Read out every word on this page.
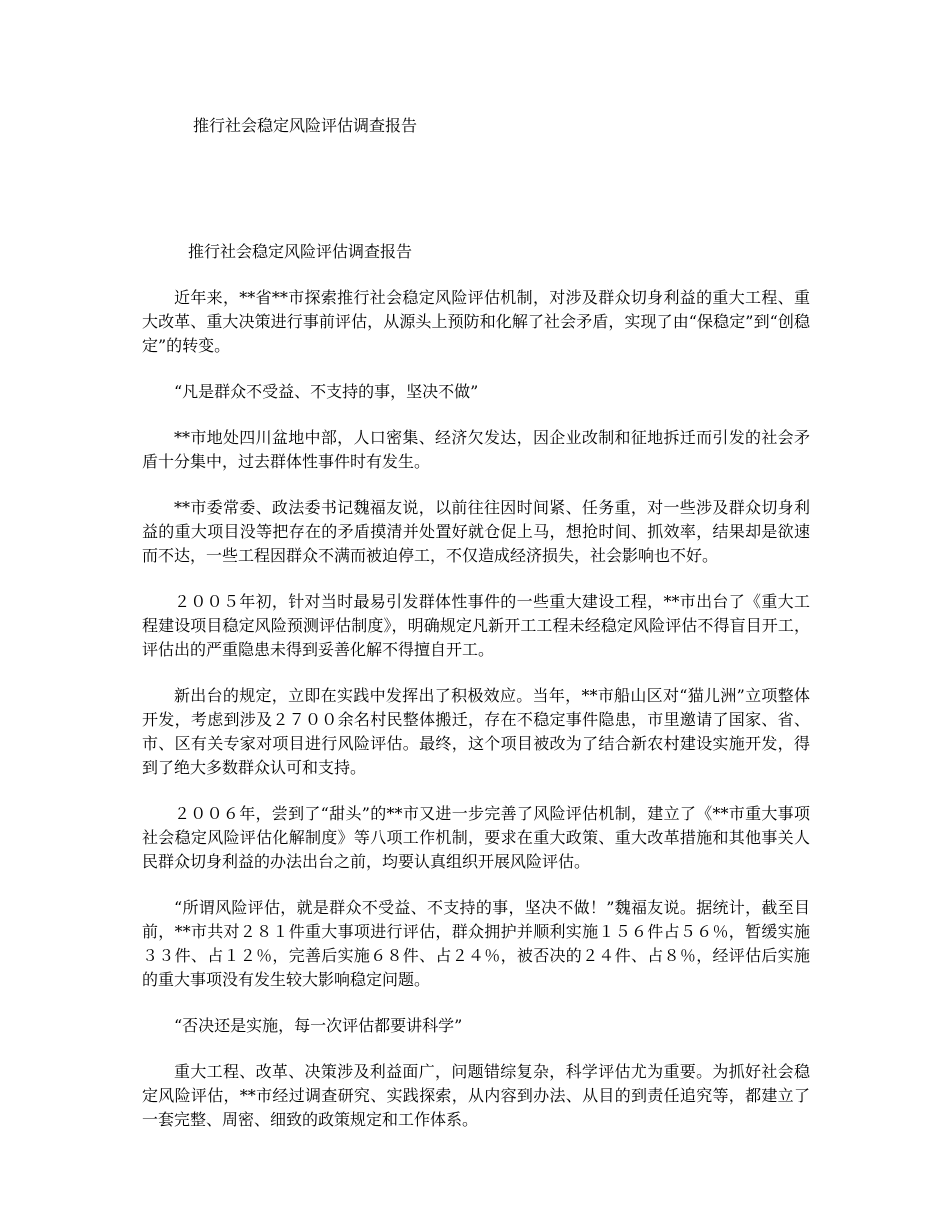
推行社会稳定风险评估调查报告
推行社会稳定风险评估调查报告

近年来，**省**市探索推行社会稳定风险评估机制，对涉及群众切身利益的重大工程、重大改革、重大决策进行事前评估，从源头上预防和化解了社会矛盾，实现了由“保稳定”到“创稳定”的转变。

“凡是群众不受益、不支持的事，坚决不做”

**市地处四川盆地中部，人口密集、经济欠发达，因企业改制和征地拆迁而引发的社会矛盾十分集中，过去群体性事件时有发生。

**市委常委、政法委书记魏福友说，以前往往因时间紧、任务重，对一些涉及群众切身利益的重大项目没等把存在的矛盾摸清并处置好就仓促上马，想抢时间、抓效率，结果却是欲速而不达，一些工程因群众不满而被迫停工，不仅造成经济损失，社会影响也不好。

２００５年初，针对当时最易引发群体性事件的一些重大建设工程，**市出台了《重大工程建设项目稳定风险预测评估制度》，明确规定凡新开工工程未经稳定风险评估不得盲目开工，评估出的严重隐患未得到妥善化解不得擅自开工。

新出台的规定，立即在实践中发挥出了积极效应。当年，**市船山区对“猫儿洲”立项整体开发，考虑到涉及２７００余名村民整体搬迁，存在不稳定事件隐患，市里邀请了国家、省、市、区有关专家对项目进行风险评估。最终，这个项目被改为了结合新农村建设实施开发，得到了绝大多数群众认可和支持。

２００６年，尝到了“甜头”的**市又进一步完善了风险评估机制，建立了《**市重大事项社会稳定风险评估化解制度》等八项工作机制，要求在重大政策、重大改革措施和其他事关人民群众切身利益的办法出台之前，均要认真组织开展风险评估。

“所谓风险评估，就是群众不受益、不支持的事，坚决不做！”魏福友说。据统计，截至目前，**市共对２８１件重大事项进行评估，群众拥护并顺利实施１５６件占５６％，暂缓实施３３件、占１２％，完善后实施６８件、占２４％，被否决的２４件、占８％，经评估后实施的重大事项没有发生较大影响稳定问题。

“否决还是实施，每一次评估都要讲科学”

重大工程、改革、决策涉及利益面广，问题错综复杂，科学评估尤为重要。为抓好社会稳定风险评估，**市经过调查研究、实践探索，从内容到办法、从目的到责任追究等，都建立了一套完整、周密、细致的政策规定和工作体系。
